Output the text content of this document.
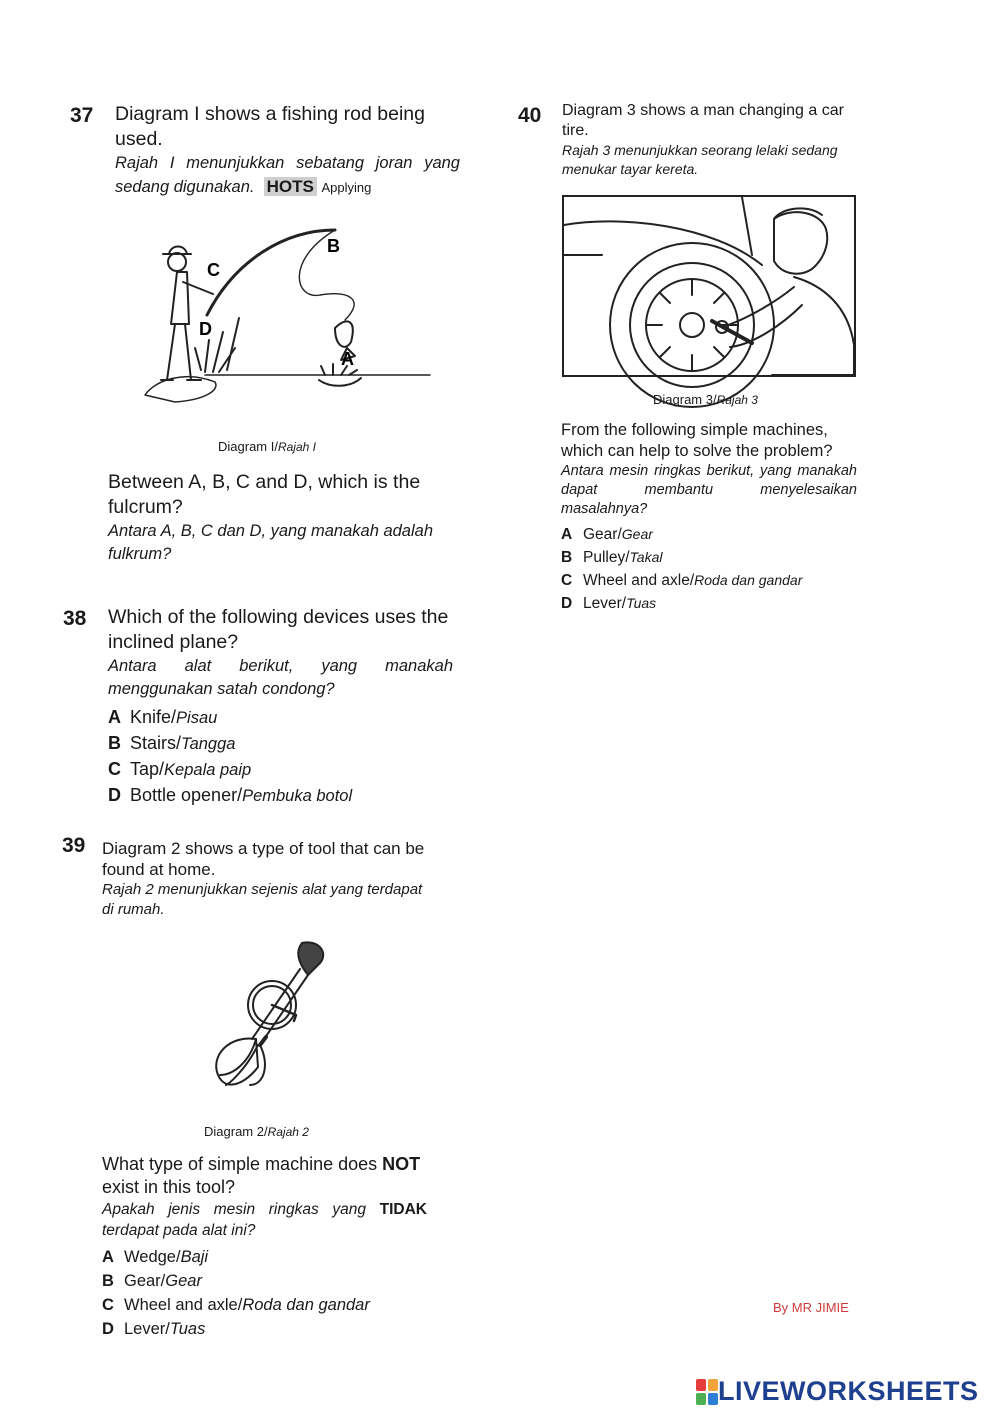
37 Diagram I shows a fishing rod being used.
Rajah I menunjukkan sebatang joran yang sedang digunakan. HOTS Applying
B
C
D
A
Diagram I/Rajah I
Between A, B, C and D, which is the fulcrum?
Antara A, B, C dan D, yang manakah adalah fulkrum?
38 Which of the following devices uses the inclined plane?
Antara alat berikut, yang manakah menggunakan satah condong?
A Knife/Pisau
B Stairs/Tangga
C Tap/Kepala paip
D Bottle opener/Pembuka botol
39 Diagram 2 shows a type of tool that can be found at home.
Rajah 2 menunjukkan sejenis alat yang terdapat di rumah.
Diagram 2/Rajah 2
What type of simple machine does NOT exist in this tool?
Apakah jenis mesin ringkas yang TIDAK terdapat pada alat ini?
A Wedge/Baji
B Gear/Gear
C Wheel and axle/Roda dan gandar
D Lever/Tuas
40 Diagram 3 shows a man changing a car tire.
Rajah 3 menunjukkan seorang lelaki sedang menukar tayar kereta.
Diagram 3/Rajah 3
From the following simple machines, which can help to solve the problem?
Antara mesin ringkas berikut, yang manakah dapat membantu menyelesaikan masalahnya?
A Gear/Gear
B Pulley/Takal
C Wheel and axle/Roda dan gandar
D Lever/Tuas
By MR JIMIE
LIVEWORKSHEETS
